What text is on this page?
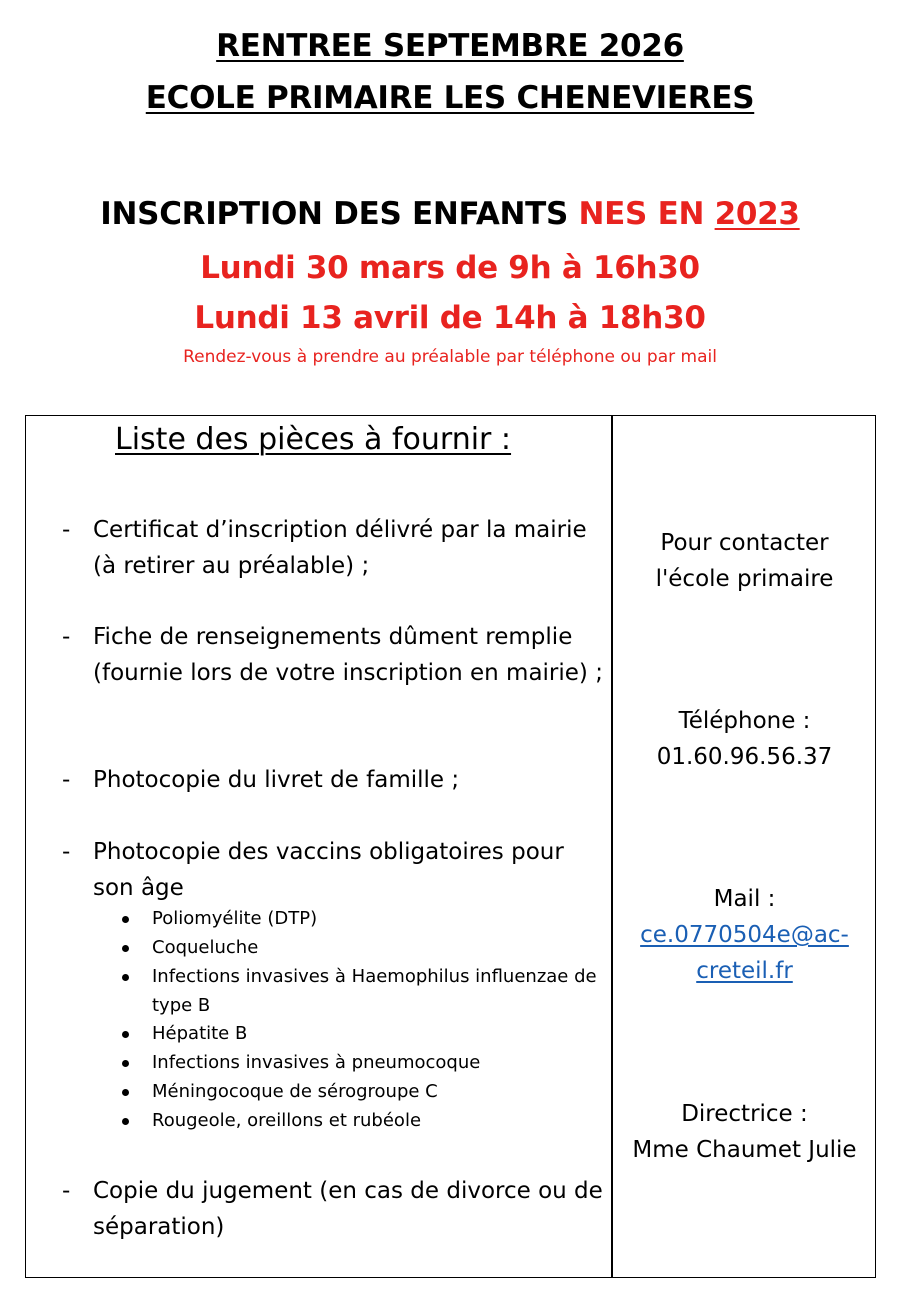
RENTREE SEPTEMBRE 2026
ECOLE PRIMAIRE LES CHENEVIERES
INSCRIPTION DES ENFANTS NES EN 2023
Lundi 30 mars de 9h à 16h30
Lundi 13 avril de 14h à 18h30
Rendez-vous à prendre au préalable par téléphone ou par mail
Liste des pièces à fournir :
- Certificat d’inscription délivré par la mairie (à retirer au préalable) ;
- Fiche de renseignements dûment remplie (fournie lors de votre inscription en mairie) ;
- Photocopie du livret de famille ;
- Photocopie des vaccins obligatoires pour son âge
Poliomyélite (DTP)
Coqueluche
Infections invasives à Haemophilus influenzae de type B
Hépatite B
Infections invasives à pneumocoque
Méningocoque de sérogroupe C
Rougeole, oreillons et rubéole
- Copie du jugement (en cas de divorce ou de séparation)
Pour contacter l'école primaire
Téléphone :
01.60.96.56.37
Mail :
ce.0770504e@ac-
creteil.fr
Directrice :
Mme Chaumet Julie
